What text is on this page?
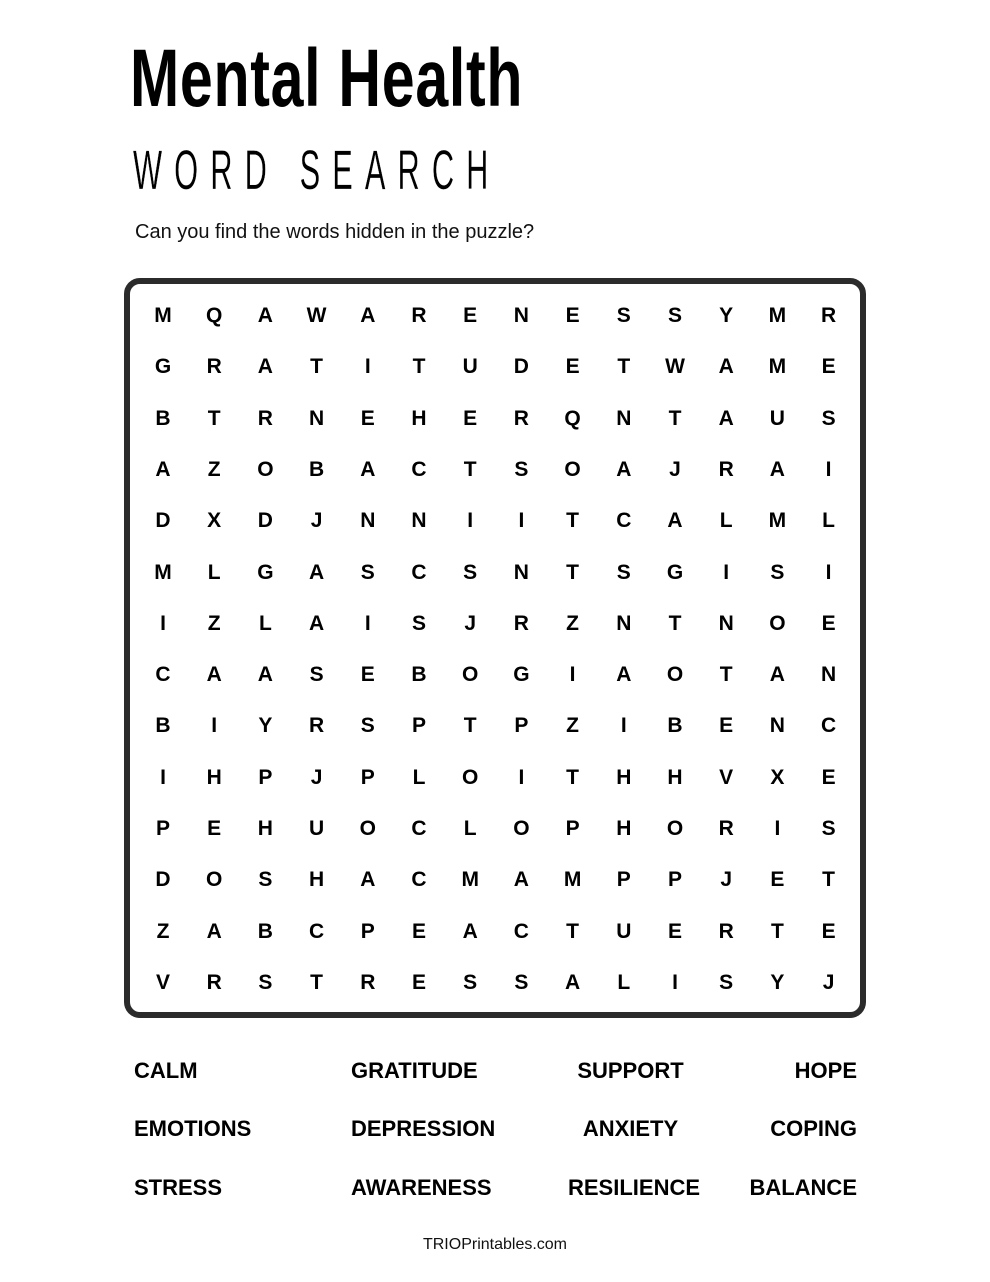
Mental Health
WORD SEARCH
Can you find the words hidden in the puzzle?
M	Q	A	W	A	R	E	N	E	S	S	Y	M	R
G	R	A	T	I	T	U	D	E	T	W	A	M	E
B	T	R	N	E	H	E	R	Q	N	T	A	U	S
A	Z	O	B	A	C	T	S	O	A	J	R	A	I
D	X	D	J	N	N	I	I	T	C	A	L	M	L
M	L	G	A	S	C	S	N	T	S	G	I	S	I
I	Z	L	A	I	S	J	R	Z	N	T	N	O	E
C	A	A	S	E	B	O	G	I	A	O	T	A	N
B	I	Y	R	S	P	T	P	Z	I	B	E	N	C
I	H	P	J	P	L	O	I	T	H	H	V	X	E
P	E	H	U	O	C	L	O	P	H	O	R	I	S
D	O	S	H	A	C	M	A	M	P	P	J	E	T
Z	A	B	C	P	E	A	C	T	U	E	R	T	E
V	R	S	T	R	E	S	S	A	L	I	S	Y	J
CALM	GRATITUDE	SUPPORT	HOPE
EMOTIONS	DEPRESSION	ANXIETY	COPING
STRESS	AWARENESS	RESILIENCE BALANCE
TRIOPrintables.com
